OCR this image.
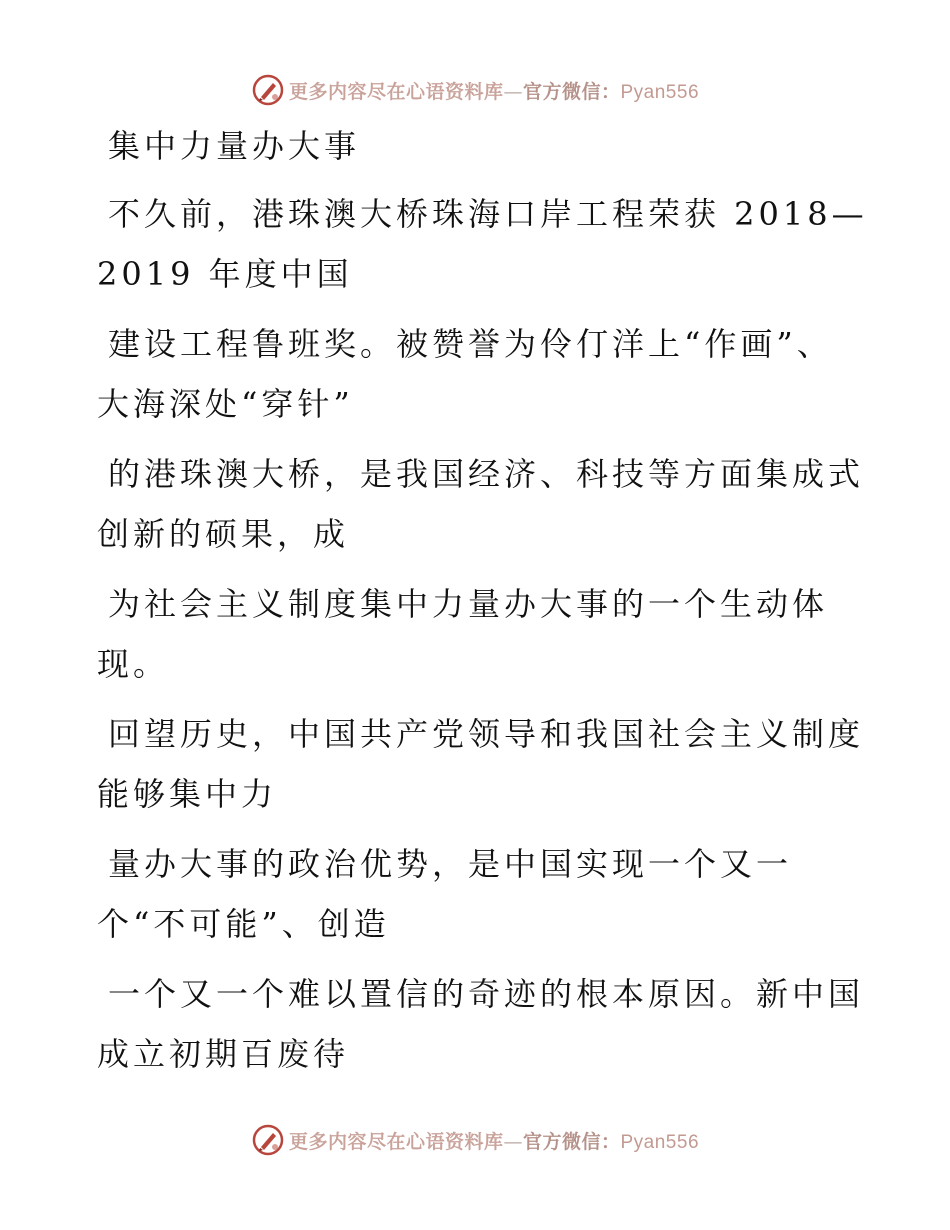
更多内容尽在心语资料库—官方微信：Pyan556
集中力量办大事

不久前，港珠澳大桥珠海口岸工程荣获 2018—
2019 年度中国

建设工程鲁班奖。被赞誉为伶仃洋上“作画”、
大海深处“穿针”

的港珠澳大桥，是我国经济、科技等方面集成式
创新的硕果，成

为社会主义制度集中力量办大事的一个生动体
现。

回望历史，中国共产党领导和我国社会主义制度
能够集中力

量办大事的政治优势，是中国实现一个又一
个“不可能”、创造

一个又一个难以置信的奇迹的根本原因。新中国
成立初期百废待

更多内容尽在心语资料库—官方微信：Pyan556
